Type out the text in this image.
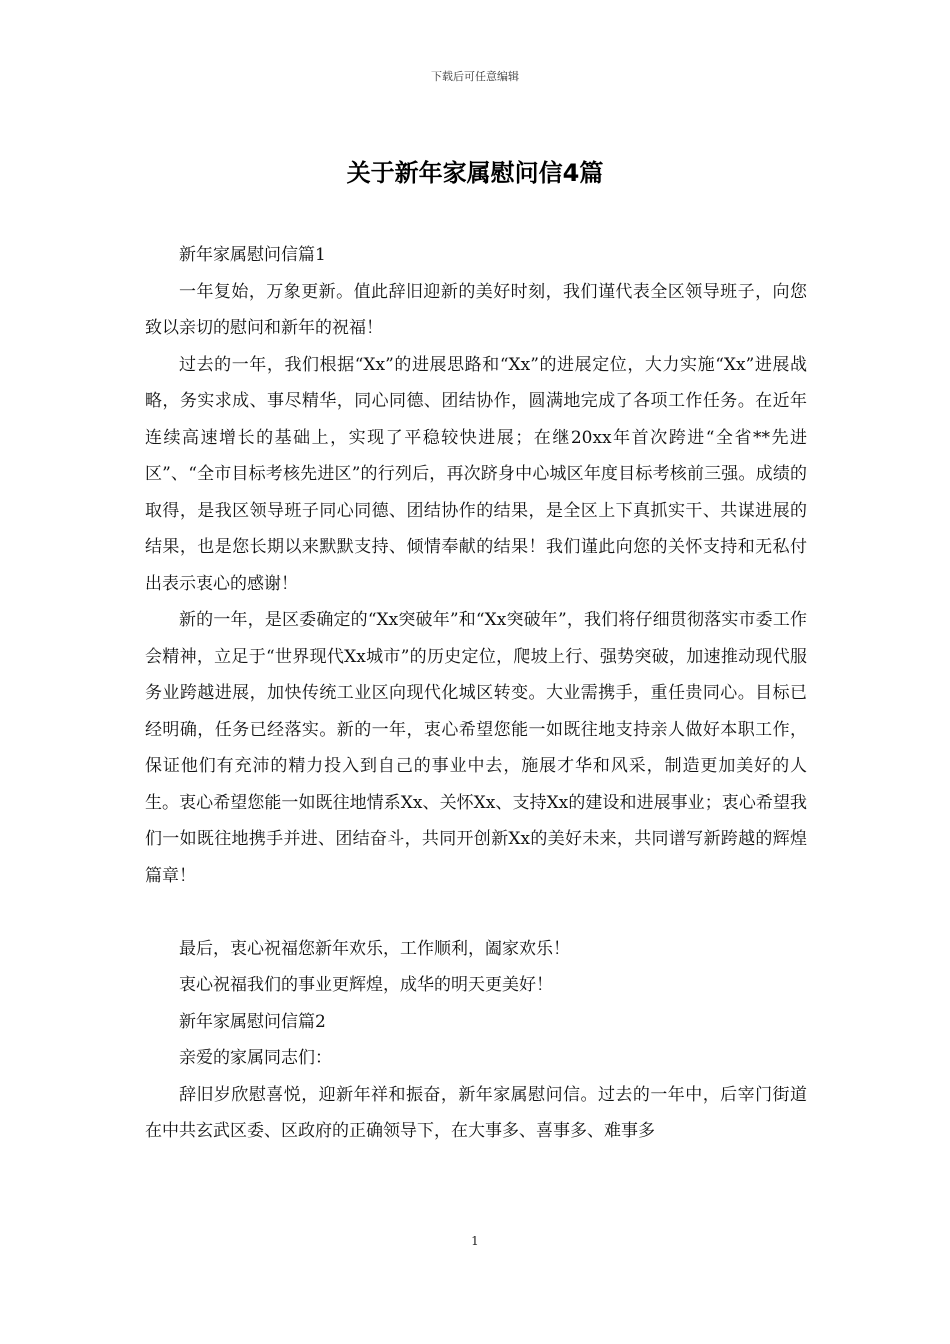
下载后可任意编辑
关于新年家属慰问信4篇

新年家属慰问信篇1

一年复始，万象更新。值此辞旧迎新的美好时刻，我们谨代表全区领导班子，向您致以亲切的慰问和新年的祝福！

过去的一年，我们根据“Xx”的进展思路和“Xx”的进展定位，大力实施“Xx”进展战略，务实求成、事尽精华，同心同德、团结协作，圆满地完成了各项工作任务。在近年连续高速增长的基础上，实现了平稳较快进展；在继20xx年首次跨进“全省**先进区”、“全市目标考核先进区”的行列后，再次跻身中心城区年度目标考核前三强。成绩的取得，是我区领导班子同心同德、团结协作的结果，是全区上下真抓实干、共谋进展的结果，也是您长期以来默默支持、倾情奉献的结果！我们谨此向您的关怀支持和无私付出表示衷心的感谢！

新的一年，是区委确定的“Xx突破年”和“Xx突破年”，我们将仔细贯彻落实市委工作会精神，立足于“世界现代Xx城市”的历史定位，爬坡上行、强势突破，加速推动现代服务业跨越进展，加快传统工业区向现代化城区转变。大业需携手，重任贵同心。目标已经明确，任务已经落实。新的一年，衷心希望您能一如既往地支持亲人做好本职工作，保证他们有充沛的精力投入到自己的事业中去，施展才华和风采，制造更加美好的人生。衷心希望您能一如既往地情系Xx、关怀Xx、支持Xx的建设和进展事业；衷心希望我们一如既往地携手并进、团结奋斗，共同开创新Xx的美好未来，共同谱写新跨越的辉煌篇章！

最后，衷心祝福您新年欢乐，工作顺利，阖家欢乐！

衷心祝福我们的事业更辉煌，成华的明天更美好！

新年家属慰问信篇2

亲爱的家属同志们：

辞旧岁欣慰喜悦，迎新年祥和振奋，新年家属慰问信。过去的一年中，后宰门街道在中共玄武区委、区政府的正确领导下，在大事多、喜事多、难事多

1
